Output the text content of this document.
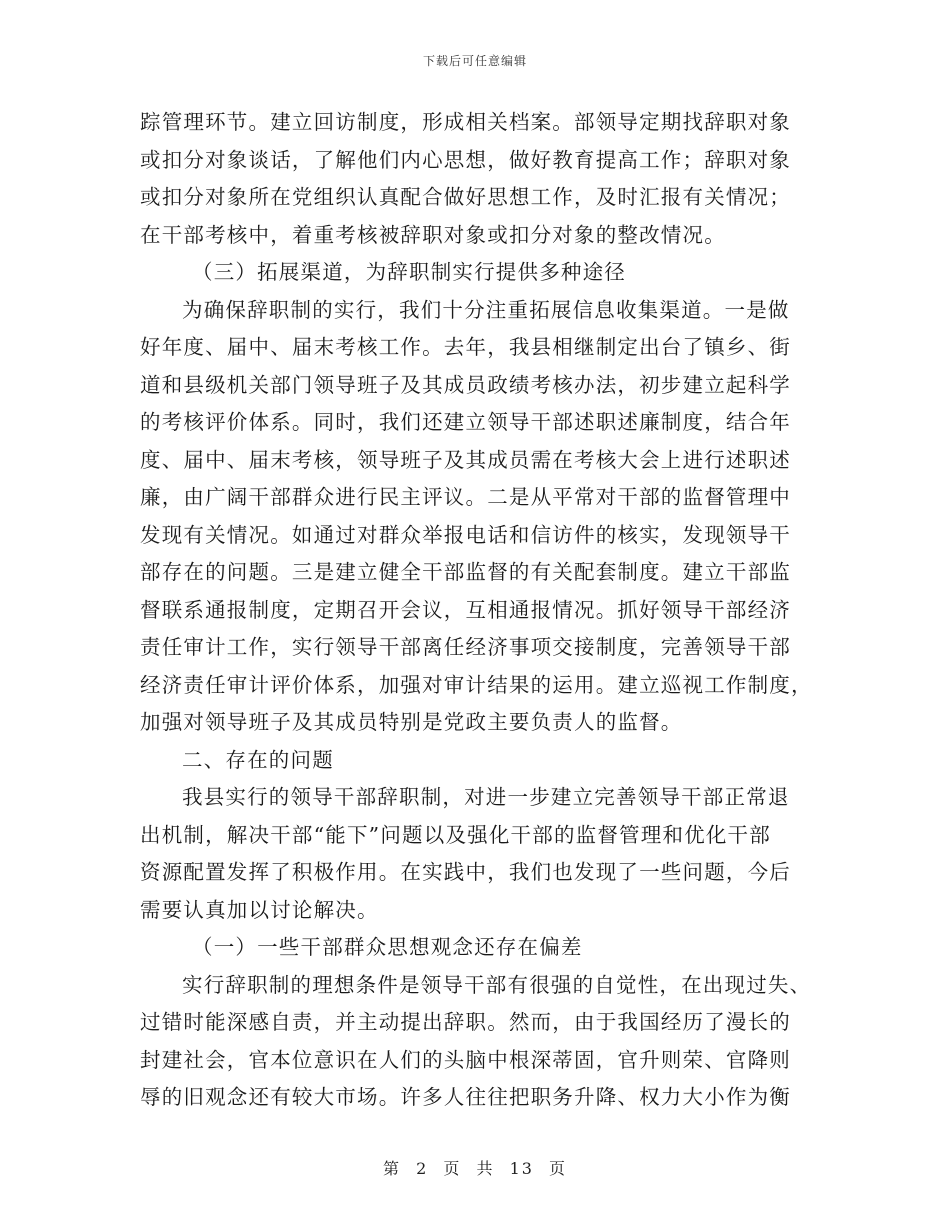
下载后可任意编辑
踪管理环节。建立回访制度，形成相关档案。部领导定期找辞职对象
或扣分对象谈话，了解他们内心思想，做好教育提高工作；辞职对象
或扣分对象所在党组织认真配合做好思想工作，及时汇报有关情况；
在干部考核中，着重考核被辞职对象或扣分对象的整改情况。
（三）拓展渠道，为辞职制实行提供多种途径
为确保辞职制的实行，我们十分注重拓展信息收集渠道。一是做
好年度、届中、届末考核工作。去年，我县相继制定出台了镇乡、街
道和县级机关部门领导班子及其成员政绩考核办法，初步建立起科学
的考核评价体系。同时，我们还建立领导干部述职述廉制度，结合年
度、届中、届末考核，领导班子及其成员需在考核大会上进行述职述
廉，由广阔干部群众进行民主评议。二是从平常对干部的监督管理中
发现有关情况。如通过对群众举报电话和信访件的核实，发现领导干
部存在的问题。三是建立健全干部监督的有关配套制度。建立干部监
督联系通报制度，定期召开会议，互相通报情况。抓好领导干部经济
责任审计工作，实行领导干部离任经济事项交接制度，完善领导干部
经济责任审计评价体系，加强对审计结果的运用。建立巡视工作制度，
加强对领导班子及其成员特别是党政主要负责人的监督。
二、存在的问题
我县实行的领导干部辞职制，对进一步建立完善领导干部正常退
出机制，解决干部“能下”问题以及强化干部的监督管理和优化干部
资源配置发挥了积极作用。在实践中，我们也发现了一些问题，今后
需要认真加以讨论解决。
（一）一些干部群众思想观念还存在偏差
实行辞职制的理想条件是领导干部有很强的自觉性，在出现过失、
过错时能深感自责，并主动提出辞职。然而，由于我国经历了漫长的
封建社会，官本位意识在人们的头脑中根深蒂固，官升则荣、官降则
辱的旧观念还有较大市场。许多人往往把职务升降、权力大小作为衡
第 2 页 共 13 页
